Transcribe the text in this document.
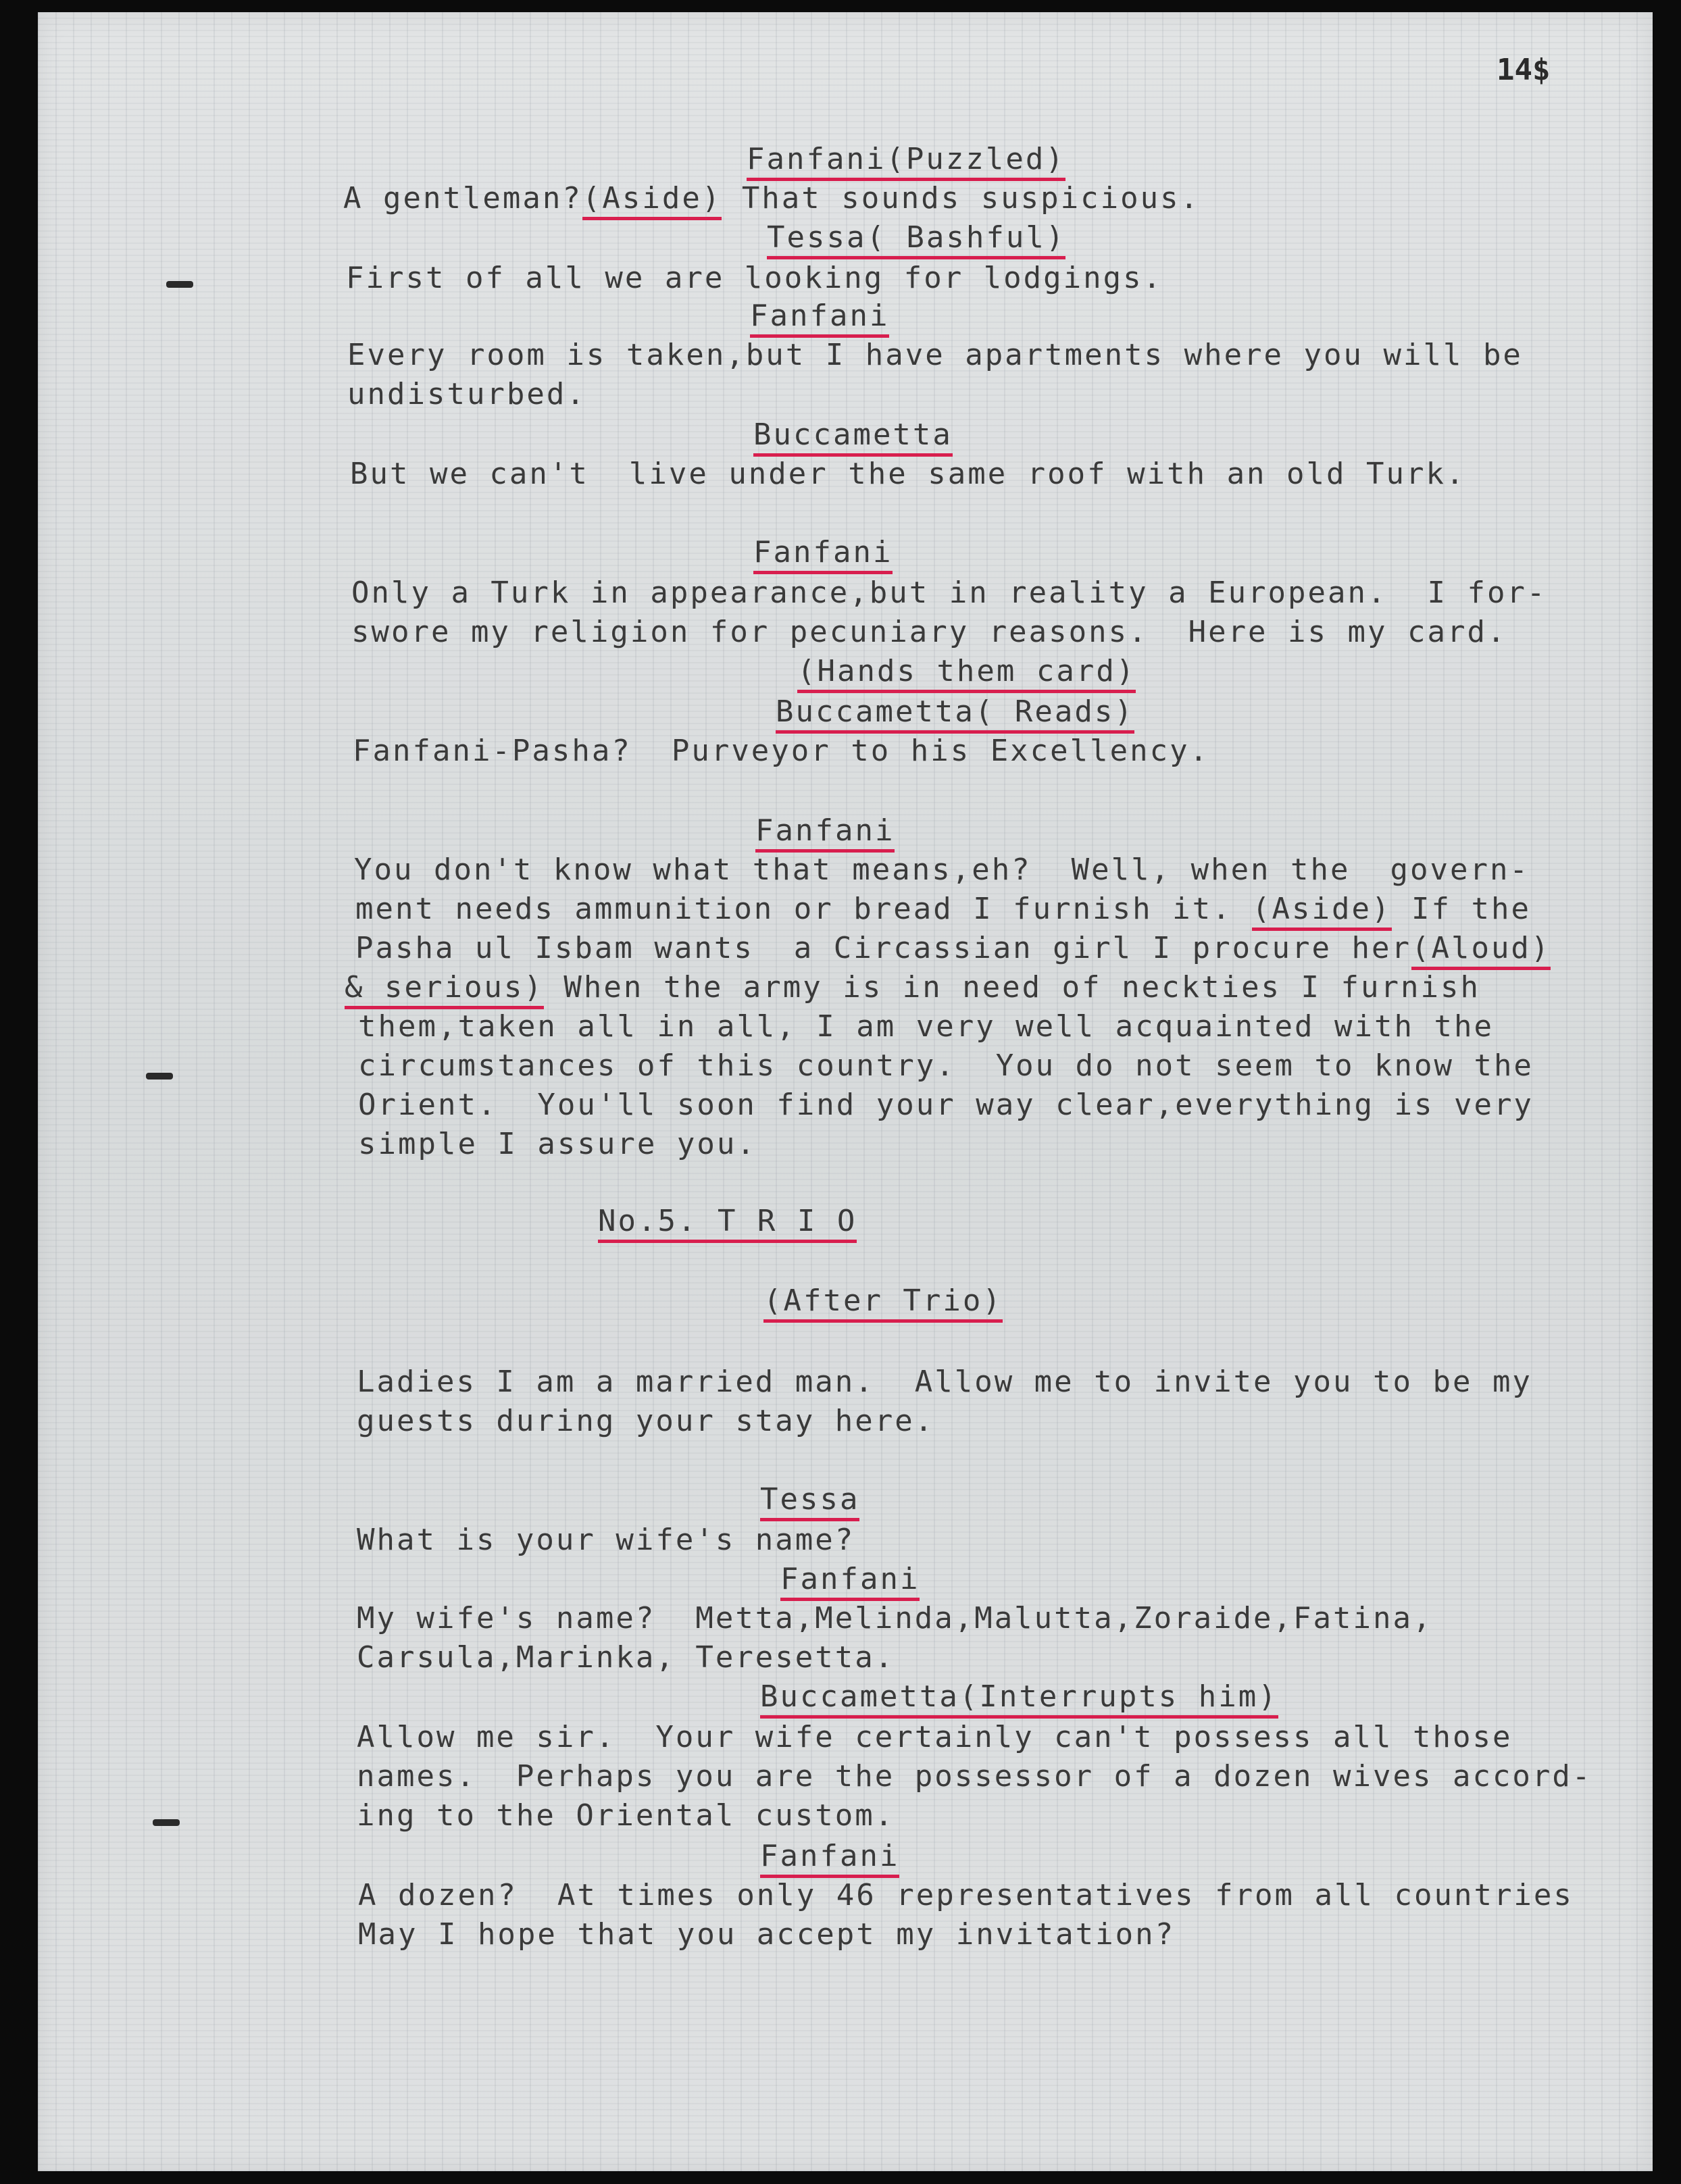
14$
Fanfani(Puzzled)
A gentleman?(Aside) That sounds suspicious.
Tessa( Bashful)
First of all we are looking for lodgings.
Fanfani
Every room is taken,but I have apartments where you will be
undisturbed.
Buccametta
But we can't  live under the same roof with an old Turk.
Fanfani
Only a Turk in appearance,but in reality a European.  I for-
swore my religion for pecuniary reasons.  Here is my card.
(Hands them card)
Buccametta( Reads)
Fanfani-Pasha?  Purveyor to his Excellency.
Fanfani
You don't know what that means,eh?  Well, when the  govern-
ment needs ammunition or bread I furnish it. (Aside) If the
Pasha ul Isbam wants  a Circassian girl I procure her(Aloud)
& serious) When the army is in need of neckties I furnish
them,taken all in all, I am very well acquainted with the
circumstances of this country.  You do not seem to know the
Orient.  You'll soon find your way clear,everything is very
simple I assure you.
No.5. T R I O
(After Trio)
Ladies I am a married man.  Allow me to invite you to be my
guests during your stay here.
Tessa
What is your wife's name?
Fanfani
My wife's name?  Metta,Melinda,Malutta,Zoraide,Fatina,
Carsula,Marinka, Teresetta.
Buccametta(Interrupts him)
Allow me sir.  Your wife certainly can't possess all those
names.  Perhaps you are the possessor of a dozen wives accord-
ing to the Oriental custom.
Fanfani
A dozen?  At times only 46 representatives from all countries
May I hope that you accept my invitation?
